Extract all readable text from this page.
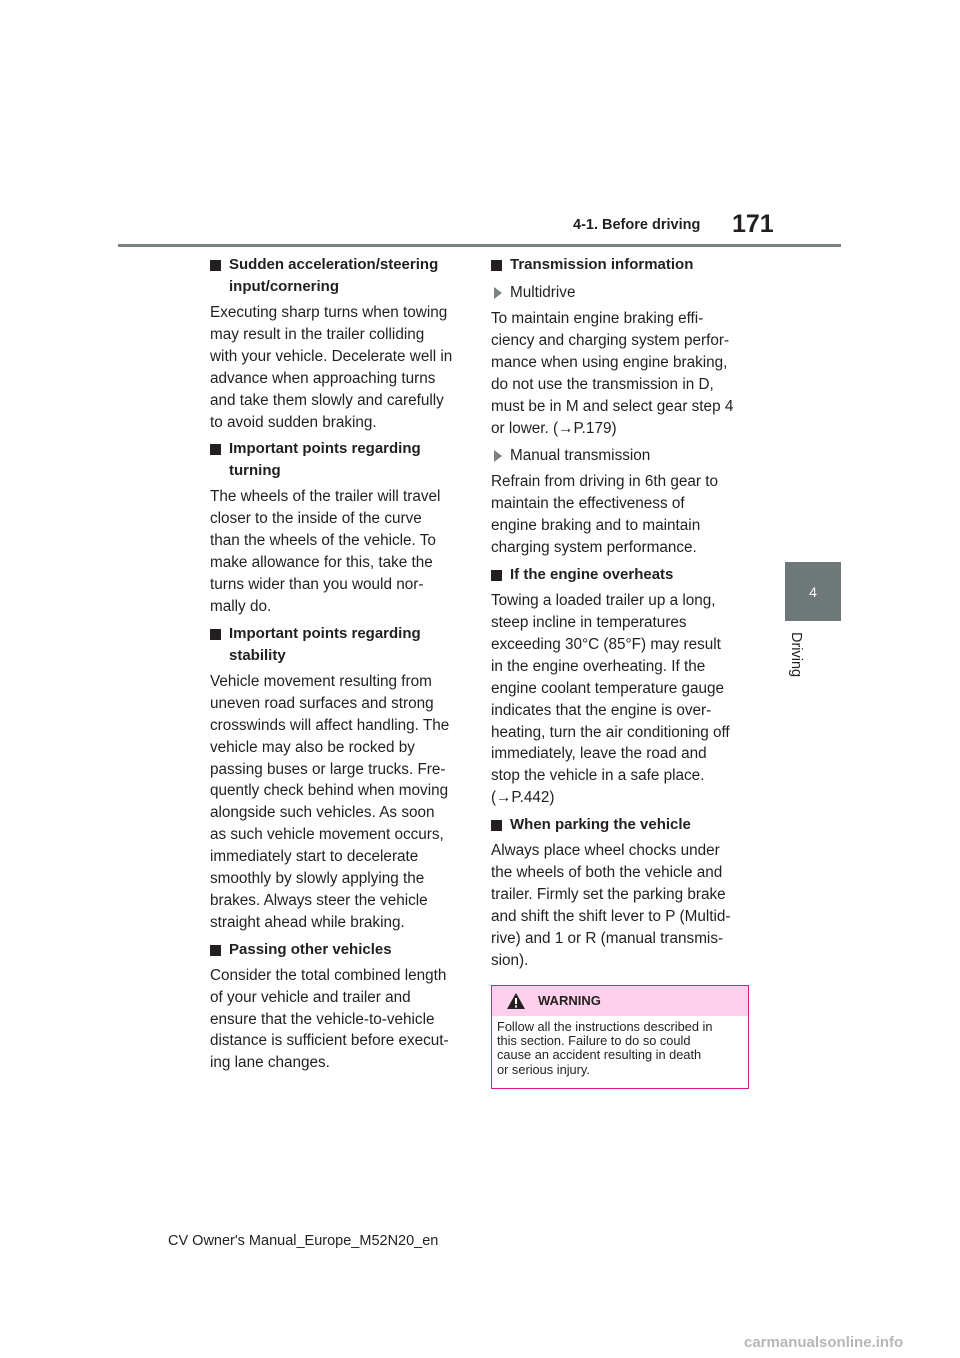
4-1. Before driving 171
4
Driving
Sudden acceleration/steering
input/cornering
Executing sharp turns when towing
may result in the trailer colliding
with your vehicle. Decelerate well in
advance when approaching turns
and take them slowly and carefully
to avoid sudden braking.
Important points regarding
turning
The wheels of the trailer will travel
closer to the inside of the curve
than the wheels of the vehicle. To
make allowance for this, take the
turns wider than you would nor-
mally do.
Important points regarding
stability
Vehicle movement resulting from
uneven road surfaces and strong
crosswinds will affect handling. The
vehicle may also be rocked by
passing buses or large trucks. Fre-
quently check behind when moving
alongside such vehicles. As soon
as such vehicle movement occurs,
immediately start to decelerate
smoothly by slowly applying the
brakes. Always steer the vehicle
straight ahead while braking.
Passing other vehicles
Consider the total combined length
of your vehicle and trailer and
ensure that the vehicle-to-vehicle
distance is sufficient before execut-
ing lane changes.
Transmission information
Multidrive
To maintain engine braking effi-
ciency and charging system perfor-
mance when using engine braking,
do not use the transmission in D,
must be in M and select gear step 4
or lower. (→P.179)
Manual transmission
Refrain from driving in 6th gear to
maintain the effectiveness of
engine braking and to maintain
charging system performance.
If the engine overheats
Towing a loaded trailer up a long,
steep incline in temperatures
exceeding 30°C (85°F) may result
in the engine overheating. If the
engine coolant temperature gauge
indicates that the engine is over-
heating, turn the air conditioning off
immediately, leave the road and
stop the vehicle in a safe place.
(→P.442)
When parking the vehicle
Always place wheel chocks under
the wheels of both the vehicle and
trailer. Firmly set the parking brake
and shift the shift lever to P (Multid-
rive) and 1 or R (manual transmis-
sion).
WARNING
Follow all the instructions described in
this section. Failure to do so could
cause an accident resulting in death
or serious injury.
CV Owner's Manual_Europe_M52N20_en
carmanualsonline.info
